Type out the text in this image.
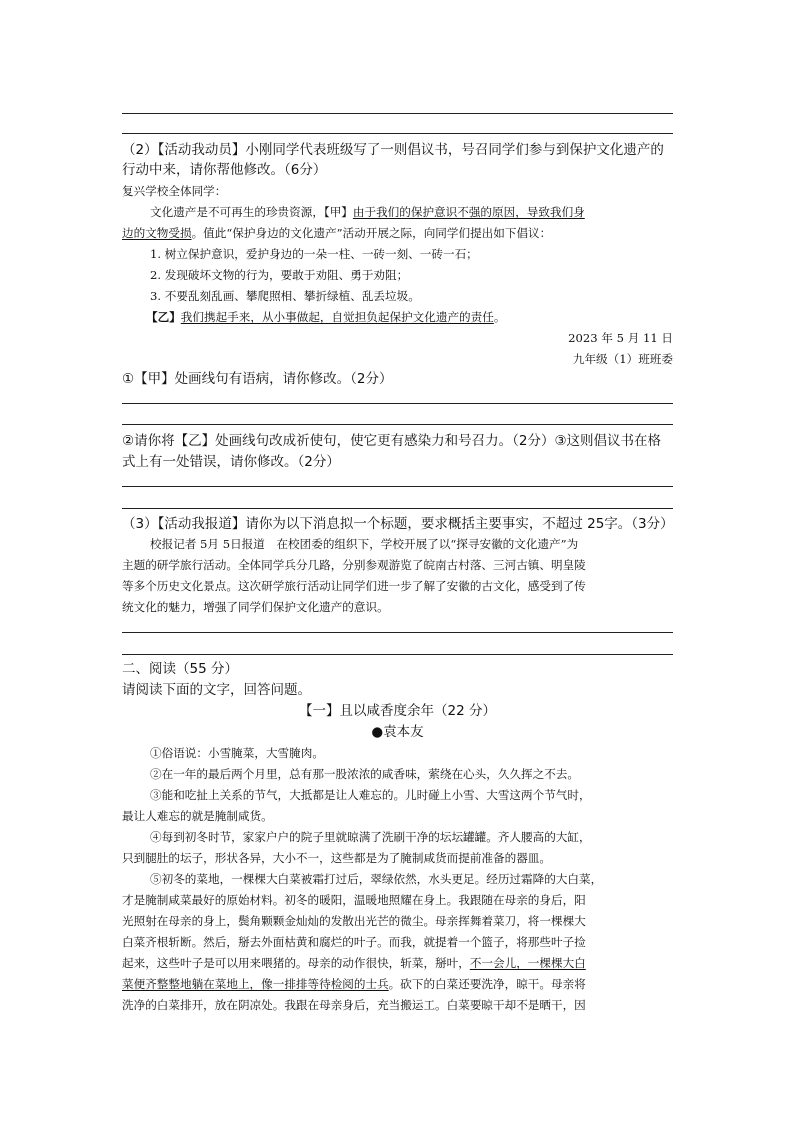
（2）【活动我动员】小刚同学代表班级写了一则倡议书，号召同学们参与到保护文化遗产的
行动中来，请你帮他修改。（6分）
复兴学校全体同学：
文化遗产是不可再生的珍贵资源，【甲】由于我们的保护意识不强的原因，导致我们身
边的文物受损。值此“保护身边的文化遗产”活动开展之际，向同学们提出如下倡议：
1. 树立保护意识，爱护身边的一朵一柱、一砖一刻、一砖一石；
2. 发现破坏文物的行为，要敢于劝阻、勇于劝阻；
3. 不要乱刻乱画、攀爬照相、攀折绿植、乱丢垃圾。
【乙】我们携起手来，从小事做起，自觉担负起保护文化遗产的责任。
2023 年 5 月 11 日
九年级（1）班班委
①【甲】处画线句有语病，请你修改。（2分）
②请你将【乙】处画线句改成祈使句，使它更有感染力和号召力。（2分）③这则倡议书在格
式上有一处错误，请你修改。（2分）
（3）【活动我报道】请你为以下消息拟一个标题，要求概括主要事实，不超过 25字。（3分）
校报记者 5月 5日报道　在校团委的组织下，学校开展了以“探寻安徽的文化遗产”为
主题的研学旅行活动。全体同学兵分几路，分别参观游览了皖南古村落、三河古镇、明皇陵
等多个历史文化景点。这次研学旅行活动让同学们进一步了解了安徽的古文化，感受到了传
统文化的魅力，增强了同学们保护文化遗产的意识。
二、阅读（55 分）
请阅读下面的文字，回答问题。
【一】且以咸香度余年（22 分）
●袁本友
①俗语说：小雪腌菜，大雪腌肉。
②在一年的最后两个月里，总有那一股浓浓的咸香味，萦绕在心头，久久挥之不去。
③能和吃扯上关系的节气，大抵都是让人难忘的。儿时碰上小雪、大雪这两个节气时，
最让人难忘的就是腌制咸货。
④每到初冬时节，家家户户的院子里就晾满了洗刷干净的坛坛罐罐。齐人腰高的大缸，
只到腿肚的坛子，形状各异，大小不一，这些都是为了腌制咸货而提前准备的器皿。
⑤初冬的菜地，一棵棵大白菜被霜打过后，翠绿依然，水头更足。经历过霜降的大白菜，
才是腌制咸菜最好的原始材料。初冬的暖阳，温暖地照耀在身上。我跟随在母亲的身后，阳
光照射在母亲的身上，鬓角颗颗金灿灿的发散出光芒的微尘。母亲挥舞着菜刀，将一棵棵大
白菜齐根斩断。然后，掰去外面枯黄和腐烂的叶子。而我，就提着一个篮子，将那些叶子捡
起来，这些叶子是可以用来喂猪的。母亲的动作很快，斩菜，掰叶，不一会儿，一棵棵大白
菜便齐整整地躺在菜地上，像一排排等待检阅的士兵。砍下的白菜还要洗净，晾干。母亲将
洗净的白菜排开，放在阴凉处。我跟在母亲身后，充当搬运工。白菜要晾干却不是晒干，因
